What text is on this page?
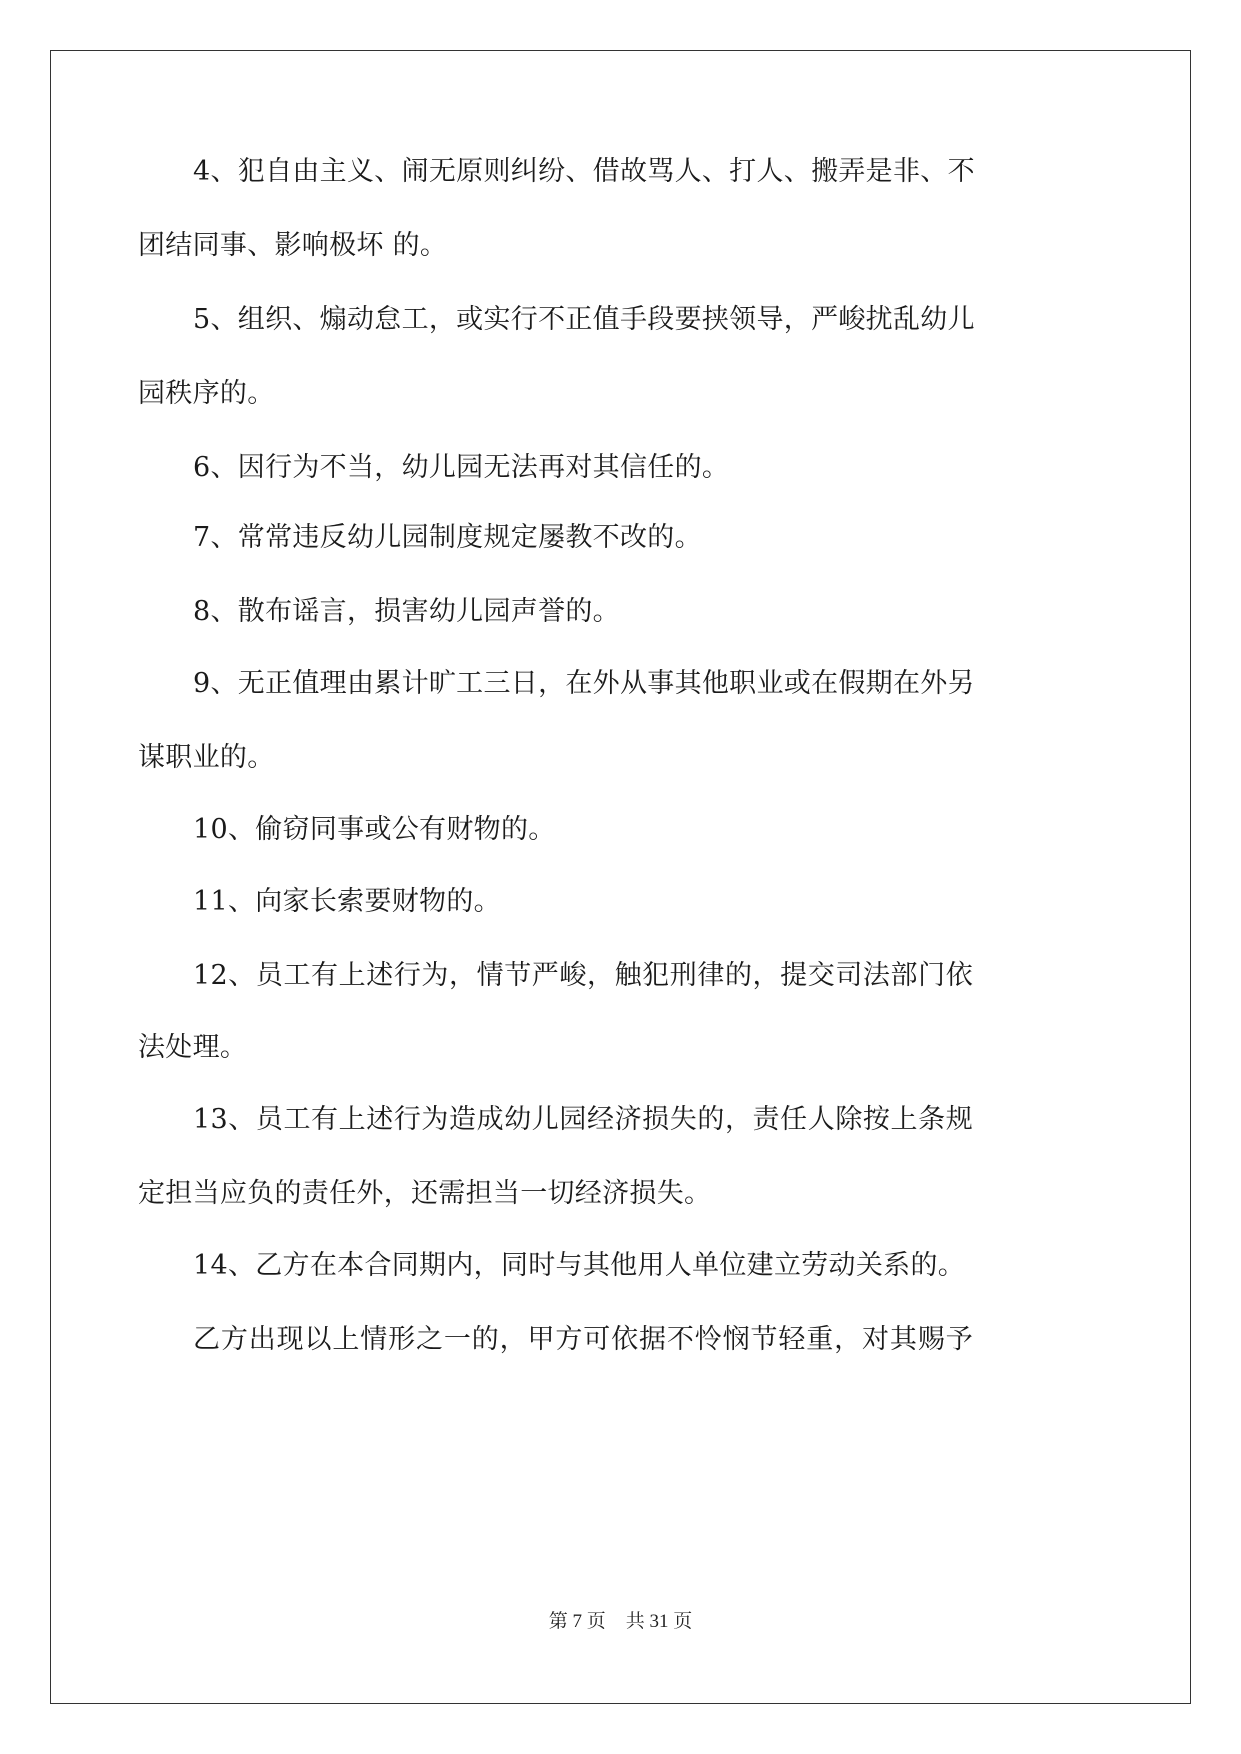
4、犯自由主义、闹无原则纠纷、借故骂人、打人、搬弄是非、不
团结同事、影响极坏 的。
5、组织、煽动怠工，或实行不正值手段要挟领导，严峻扰乱幼儿
园秩序的。
6、因行为不当，幼儿园无法再对其信任的。
7、常常违反幼儿园制度规定屡教不改的。
8、散布谣言，损害幼儿园声誉的。
9、无正值理由累计旷工三日，在外从事其他职业或在假期在外另
谋职业的。
10、偷窃同事或公有财物的。
11、向家长索要财物的。
12、员工有上述行为，情节严峻，触犯刑律的，提交司法部门依
法处理。
13、员工有上述行为造成幼儿园经济损失的，责任人除按上条规
定担当应负的责任外，还需担当一切经济损失。
14、乙方在本合同期内，同时与其他用人单位建立劳动关系的。
乙方出现以上情形之一的，甲方可依据不怜悯节轻重，对其赐予
第 7 页 共 31 页
